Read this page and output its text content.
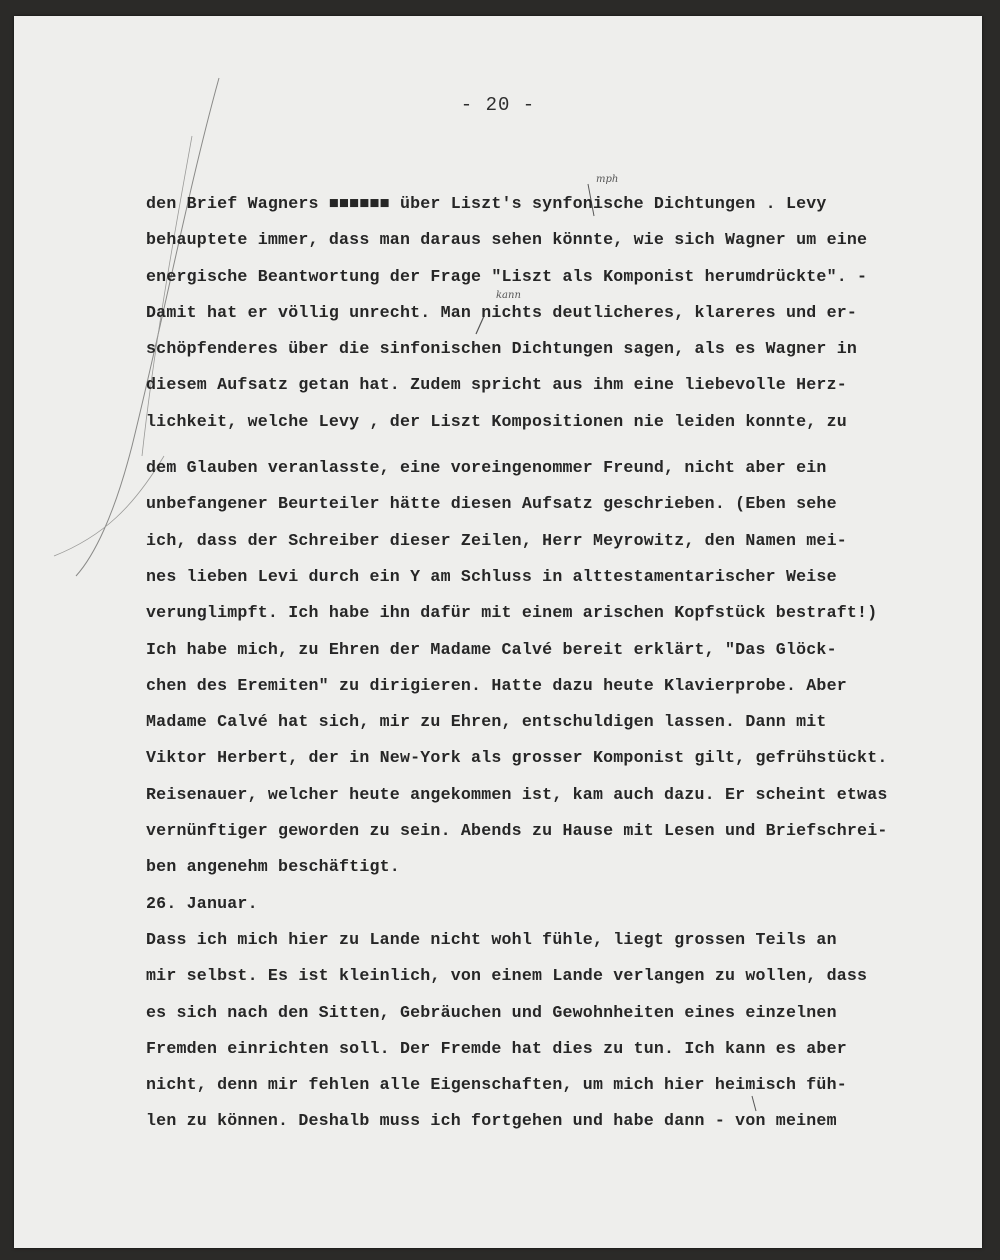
mph
kann
- 20 -
den Brief Wagners ■■■■■■ über Liszt's synfonische Dichtungen . Levy
behauptete immer, dass man daraus sehen könnte, wie sich Wagner um eine
energische Beantwortung der Frage "Liszt als Komponist herumdrückte". -
Damit hat er völlig unrecht. Man nichts deutlicheres, klareres und er-
schöpfenderes über die sinfonischen Dichtungen sagen, als es Wagner in
diesem Aufsatz getan hat. Zudem spricht aus ihm eine liebevolle Herz-
lichkeit, welche Levy , der Liszt Kompositionen nie leiden konnte, zu
dem Glauben veranlasste, eine voreingenommer Freund, nicht aber ein
unbefangener Beurteiler hätte diesen Aufsatz geschrieben. (Eben sehe
ich, dass der Schreiber dieser Zeilen, Herr Meyrowitz, den Namen mei-
nes lieben Levi durch ein Y am Schluss in alttestamentarischer Weise
verunglimpft. Ich habe ihn dafür mit einem arischen Kopfstück bestraft!)
Ich habe mich, zu Ehren der Madame Calvé bereit erklärt, "Das Glöck-
chen des Eremiten" zu dirigieren. Hatte dazu heute Klavierprobe. Aber
Madame Calvé hat sich, mir zu Ehren, entschuldigen lassen. Dann mit
Viktor Herbert, der in New-York als grosser Komponist gilt, gefrühstückt.
Reisenauer, welcher heute angekommen ist, kam auch dazu. Er scheint etwas
vernünftiger geworden zu sein. Abends zu Hause mit Lesen und Briefschrei-
ben angenehm beschäftigt.
26. Januar.
Dass ich mich hier zu Lande nicht wohl fühle, liegt grossen Teils an
mir selbst. Es ist kleinlich, von einem Lande verlangen zu wollen, dass
es sich nach den Sitten, Gebräuchen und Gewohnheiten eines einzelnen
Fremden einrichten soll. Der Fremde hat dies zu tun. Ich kann es aber
nicht, denn mir fehlen alle Eigenschaften, um mich hier heimisch füh-
len zu können. Deshalb muss ich fortgehen und habe dann - von meinem
